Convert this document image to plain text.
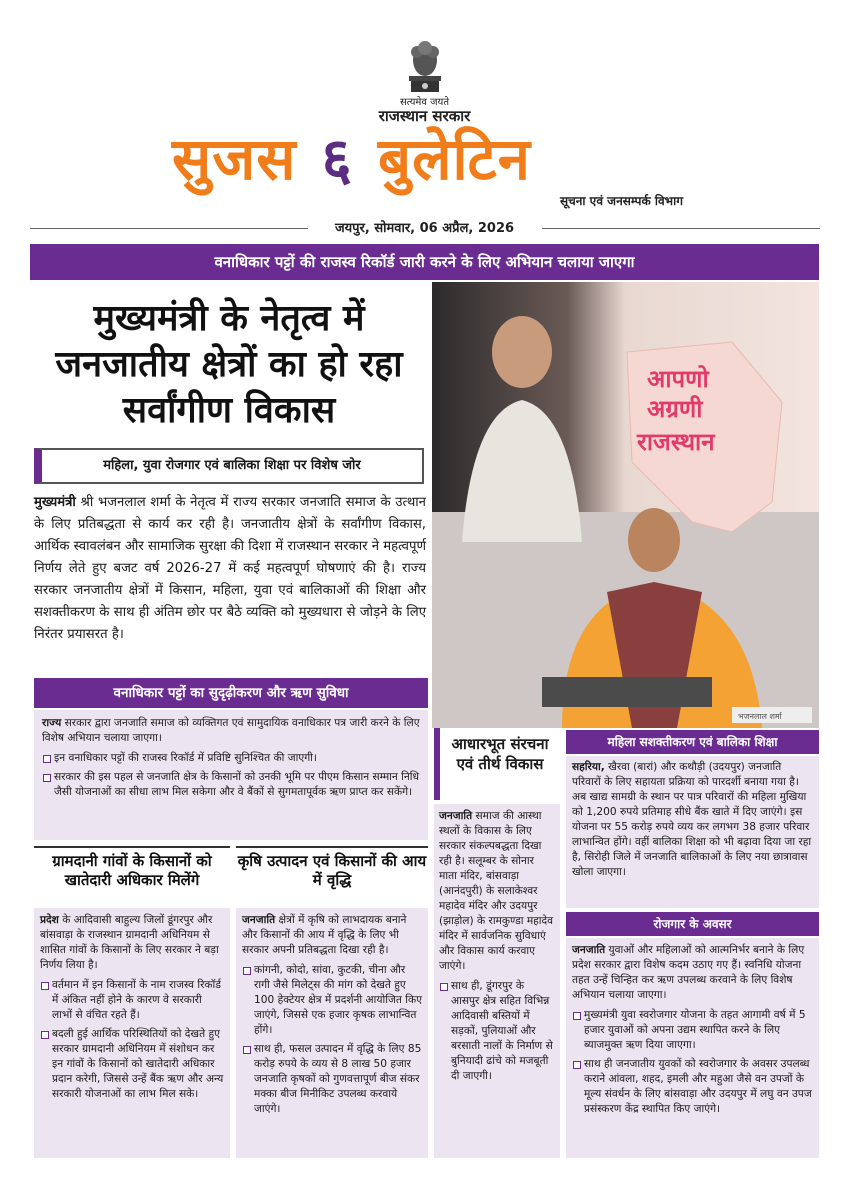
सत्यमेव जयते
राजस्थान सरकार
सुजस ६ बुलेटिन
सूचना एवं जनसम्पर्क विभाग
जयपुर, सोमवार, 06 अप्रैल, 2026
वनाधिकार पट्टों की राजस्व रिकॉर्ड जारी करने के लिए अभियान चलाया जाएगा
मुख्यमंत्री के नेतृत्व में जनजातीय क्षेत्रों का हो रहा सर्वांगीण विकास
महिला, युवा रोजगार एवं बालिका शिक्षा पर विशेष जोर
मुख्यमंत्री श्री भजनलाल शर्मा के नेतृत्व में राज्य सरकार जनजाति समाज के उत्थान के लिए प्रतिबद्धता से कार्य कर रही है। जनजातीय क्षेत्रों के सर्वांगीण विकास, आर्थिक स्वावलंबन और सामाजिक सुरक्षा की दिशा में राजस्थान सरकार ने महत्वपूर्ण निर्णय लेते हुए बजट वर्ष 2026-27 में कई महत्वपूर्ण घोषणाएं की है। राज्य सरकार जनजातीय क्षेत्रों में किसान, महिला, युवा एवं बालिकाओं की शिक्षा और सशक्तीकरण के साथ ही अंतिम छोर पर बैठे व्यक्ति को मुख्यधारा से जोड़ने के लिए निरंतर प्रयासरत है।
आपणो
अग्रणी
राजस्थान
भजनलाल शर्मा
वनाधिकार पट्टों का सुदृढ़ीकरण और ऋण सुविधा
राज्य सरकार द्वारा जनजाति समाज को व्यक्तिगत एवं सामुदायिक वनाधिकार पत्र जारी करने के लिए विशेष अभियान चलाया जाएगा।
इन वनाधिकार पट्टों की राजस्व रिकॉर्ड में प्रविष्टि सुनिश्चित की जाएगी।
सरकार की इस पहल से जनजाति क्षेत्र के किसानों को उनकी भूमि पर पीएम किसान सम्मान निधि जैसी योजनाओं का सीधा लाभ मिल सकेगा और वे बैंकों से सुगमतापूर्वक ऋण प्राप्त कर सकेंगे।
ग्रामदानी गांवों के किसानों को खातेदारी अधिकार मिलेंगे
प्रदेश के आदिवासी बाहुल्य जिलों डूंगरपुर और बांसवाड़ा के राजस्थान ग्रामदानी अधिनियम से शासित गांवों के किसानों के लिए सरकार ने बड़ा निर्णय लिया है।
वर्तमान में इन किसानों के नाम राजस्व रिकॉर्ड में अंकित नहीं होने के कारण वे सरकारी लाभों से वंचित रहते हैं।
बदली हुई आर्थिक परिस्थितियों को देखते हुए सरकार ग्रामदानी अधिनियम में संशोधन कर इन गांवों के किसानों को खातेदारी अधिकार प्रदान करेगी, जिससे उन्हें बैंक ऋण और अन्य सरकारी योजनाओं का लाभ मिल सके।
कृषि उत्पादन एवं किसानों की आय में वृद्धि
जनजाति क्षेत्रों में कृषि को लाभदायक बनाने और किसानों की आय में वृद्धि के लिए भी सरकार अपनी प्रतिबद्धता दिखा रही है।
कांगनी, कोदो, सांवा, कुटकी, चीना और रागी जैसे मिलेट्स की मांग को देखते हुए 100 हेक्टेयर क्षेत्र में प्रदर्शनी आयोजित किए जाएंगे, जिससे एक हजार कृषक लाभान्वित होंगे।
साथ ही, फसल उत्पादन में वृद्धि के लिए 85 करोड़ रुपये के व्यय से 8 लाख 50 हजार जनजाति कृषकों को गुणवत्तापूर्ण बीज संकर मक्का बीज मिनीकिट उपलब्ध करवाये जाएंगे।
आधारभूत संरचना एवं तीर्थ विकास
जनजाति समाज की आस्था स्थलों के विकास के लिए सरकार संकल्पबद्धता दिखा रही है। सलूम्बर के सोनार माता मंदिर, बांसवाड़ा (आनंदपुरी) के सलाकेश्वर महादेव मंदिर और उदयपुर (झाड़ोल) के रामकुण्डा महादेव मंदिर में सार्वजनिक सुविधाएं और विकास कार्य करवाए जाएंगे।
साथ ही, डूंगरपुर के आसपुर क्षेत्र सहित विभिन्न आदिवासी बस्तियों में सड़कों, पुलियाओं और बरसाती नालों के निर्माण से बुनियादी ढांचे को मजबूती दी जाएगी।
महिला सशक्तीकरण एवं बालिका शिक्षा
सहरिया, खैरवा (बारां) और कथौड़ी (उदयपुर) जनजाति परिवारों के लिए सहायता प्रक्रिया को पारदर्शी बनाया गया है। अब खाद्य सामग्री के स्थान पर पात्र परिवारों की महिला मुखिया को 1,200 रुपये प्रतिमाह सीधे बैंक खाते में दिए जाएंगे। इस योजना पर 55 करोड़ रुपये व्यय कर लगभग 38 हजार परिवार लाभान्वित होंगे। वहीं बालिका शिक्षा को भी बढ़ावा दिया जा रहा है, सिरोही जिले में जनजाति बालिकाओं के लिए नया छात्रावास खोला जाएगा।
रोजगार के अवसर
जनजाति युवाओं और महिलाओं को आत्मनिर्भर बनाने के लिए प्रदेश सरकार द्वारा विशेष कदम उठाए गए हैं। स्वनिधि योजना तहत उन्हें चिन्हित कर ऋण उपलब्ध करवाने के लिए विशेष अभियान चलाया जाएगा।
मुख्यमंत्री युवा स्वरोजगार योजना के तहत आगामी वर्ष में 5 हजार युवाओं को अपना उद्यम स्थापित करने के लिए ब्याजमुक्त ऋण दिया जाएगा।
साथ ही जनजातीय युवकों को स्वरोजगार के अवसर उपलब्ध कराने आंवला, शहद, इमली और महुआ जैसे वन उपजों के मूल्य संवर्धन के लिए बांसवाड़ा और उदयपुर में लघु वन उपज प्रसंस्करण केंद्र स्थापित किए जाएंगे।
